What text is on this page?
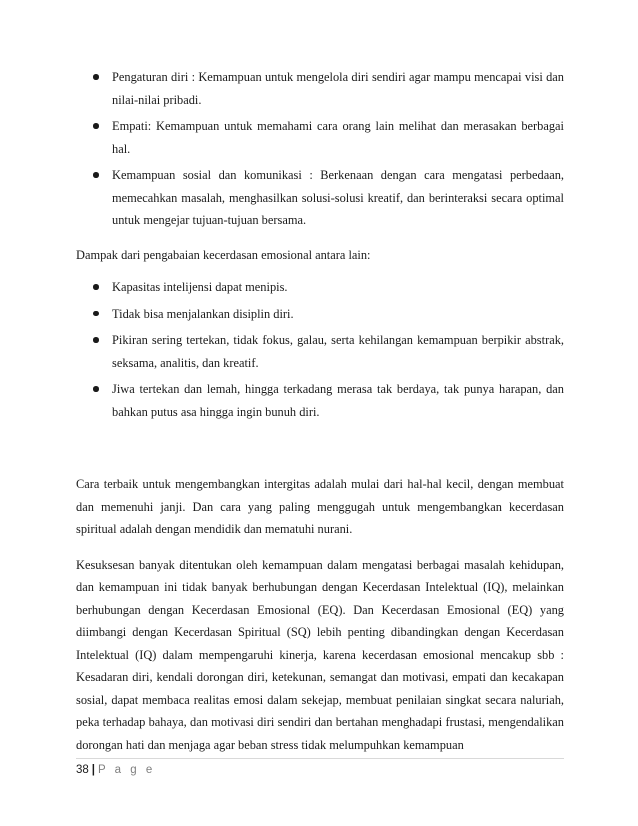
Pengaturan diri : Kemampuan untuk mengelola diri sendiri agar mampu mencapai visi dan nilai-nilai pribadi.
Empati: Kemampuan untuk memahami cara orang lain melihat dan merasakan berbagai hal.
Kemampuan sosial dan komunikasi : Berkenaan dengan cara mengatasi perbedaan, memecahkan masalah, menghasilkan solusi-solusi kreatif, dan berinteraksi secara optimal untuk mengejar tujuan-tujuan bersama.

Dampak dari pengabaian kecerdasan emosional antara lain:

Kapasitas intelijensi dapat menipis.
Tidak bisa menjalankan disiplin diri.
Pikiran sering tertekan, tidak fokus, galau, serta kehilangan kemampuan berpikir abstrak, seksama, analitis, dan kreatif.
Jiwa tertekan dan lemah, hingga terkadang merasa tak berdaya, tak punya harapan, dan bahkan putus asa hingga ingin bunuh diri.

Cara terbaik untuk mengembangkan intergitas adalah mulai dari hal-hal kecil, dengan membuat dan memenuhi janji. Dan cara yang paling menggugah untuk mengembangkan kecerdasan spiritual adalah dengan mendidik dan mematuhi nurani.

Kesuksesan banyak ditentukan oleh kemampuan dalam mengatasi berbagai masalah kehidupan, dan kemampuan ini tidak banyak berhubungan dengan Kecerdasan Intelektual (IQ), melainkan berhubungan dengan Kecerdasan Emosional (EQ). Dan Kecerdasan Emosional (EQ) yang diimbangi dengan Kecerdasan Spiritual (SQ) lebih penting dibandingkan dengan Kecerdasan Intelektual (IQ) dalam mempengaruhi kinerja, karena kecerdasan emosional mencakup sbb : Kesadaran diri, kendali dorongan diri, ketekunan, semangat dan motivasi, empati dan kecakapan sosial, dapat membaca realitas emosi dalam sekejap, membuat penilaian singkat secara naluriah, peka terhadap bahaya, dan motivasi diri sendiri dan bertahan menghadapi frustasi, mengendalikan dorongan hati dan menjaga agar beban stress tidak melumpuhkan kemampuan

38 | P a g e
